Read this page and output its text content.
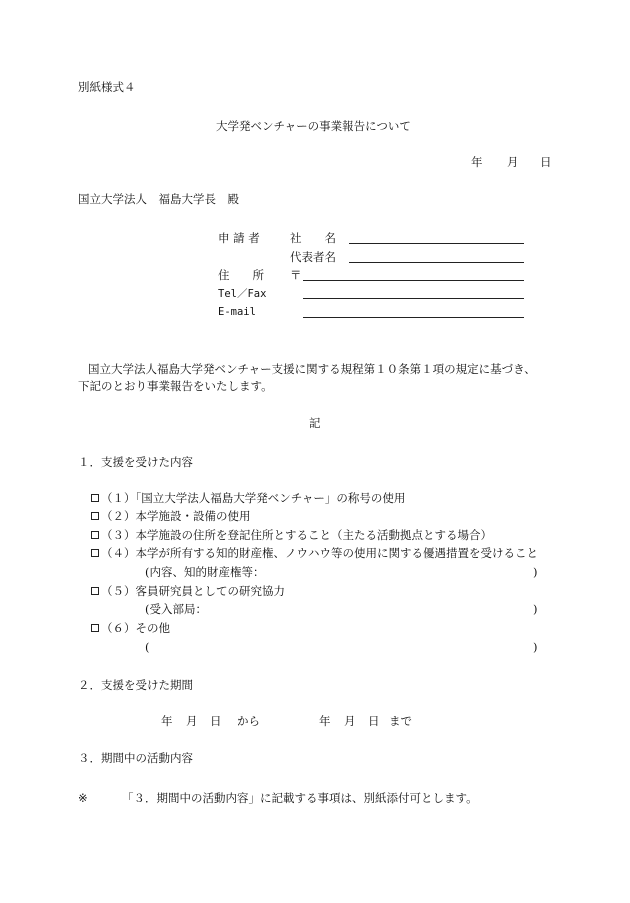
別紙様式４
大学発ベンチャーの事業報告について
年 月 日
国立大学法人　福島大学長　殿
申 請 者	社　　名
代表者名
住　　所 〒
Tel／Fax
E-mail
国立大学法人福島大学発ベンチャー支援に関する規程第１０条第１項の規定に基づき、
下記のとおり事業報告をいたします。
記
１．支援を受けた内容
（１）「国立大学法人福島大学発ベンチャー」の称号の使用
（２）本学施設・設備の使用
（３）本学施設の住所を登記住所とすること（主たる活動拠点とする場合）
（４）本学が所有する知的財産権、ノウハウ等の使用に関する優遇措置を受けること
(内容、知的財産権等：	)
（５）客員研究員としての研究協力
(受入部局：	)
（６）その他
(	)
２．支援を受けた期間
年 月 日 から	年 月 日 まで
３．期間中の活動内容
※	「３．期間中の活動内容」に記載する事項は、別紙添付可とします。
